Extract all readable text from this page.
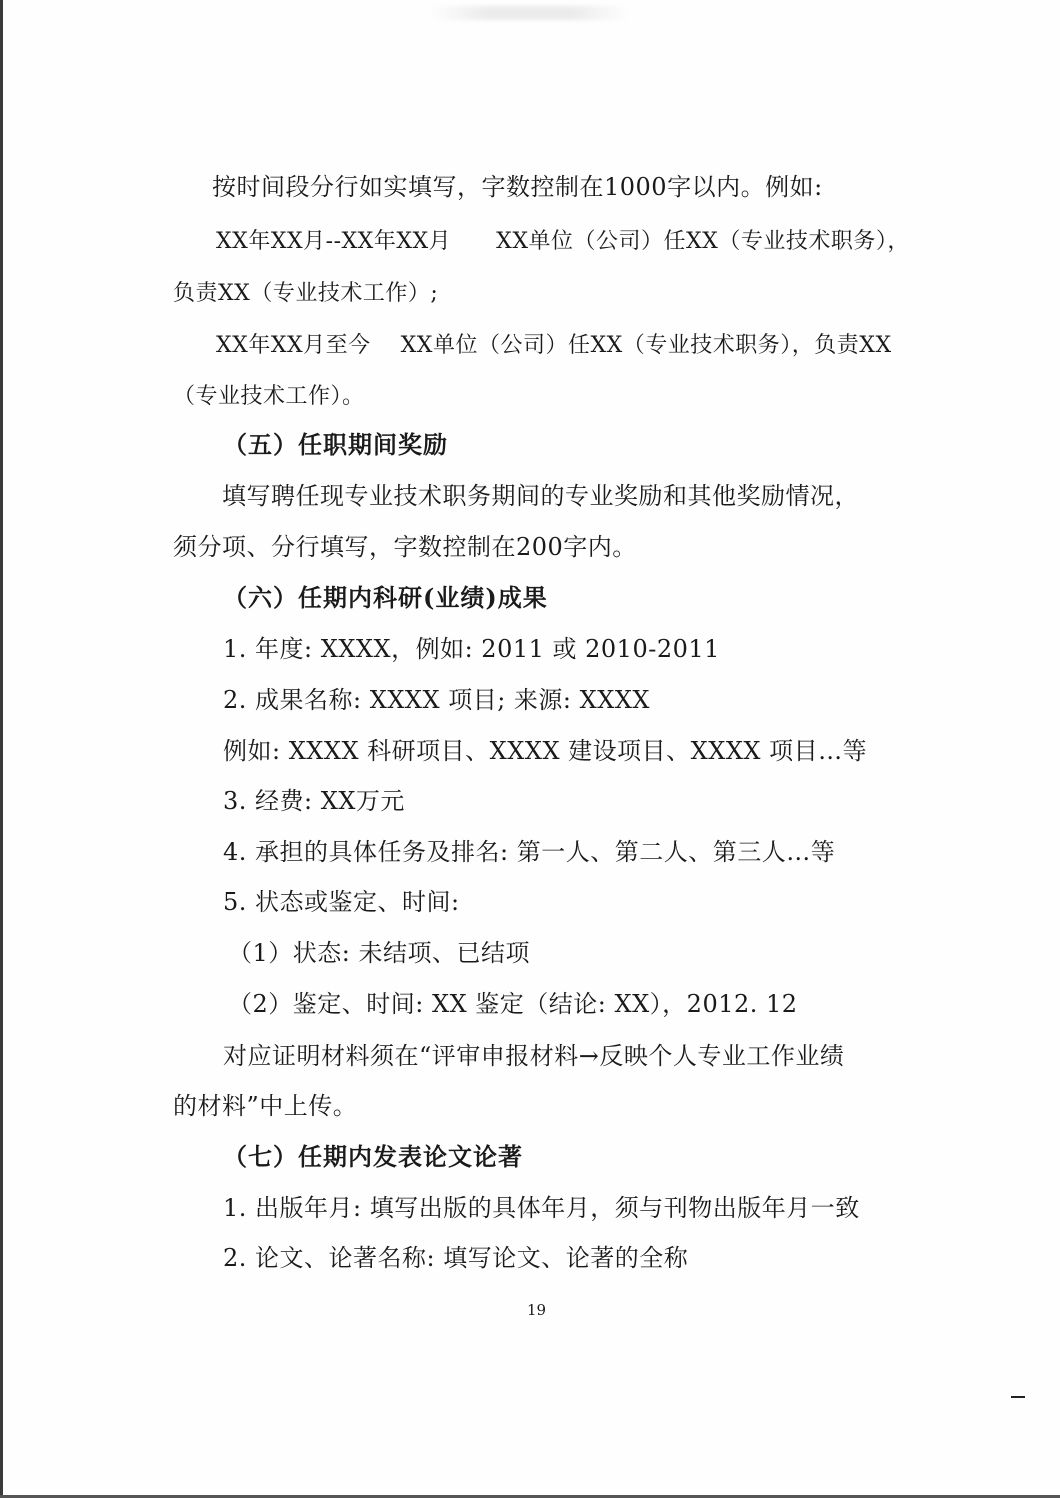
按时间段分行如实填写，字数控制在1000字以内。例如:
XX年XX月--XX年XX月　　XX单位（公司）任XX（专业技术职务），
负责XX（专业技术工作）;
XX年XX月至今　 XX单位（公司）任XX（专业技术职务），负责XX
（专业技术工作）。
（五）任职期间奖励
填写聘任现专业技术职务期间的专业奖励和其他奖励情况，
须分项、分行填写，字数控制在200字内。
（六）任期内科研(业绩)成果
1. 年度: XXXX，例如: 2011 或 2010-2011
2. 成果名称: XXXX 项目; 来源: XXXX
例如: XXXX 科研项目、XXXX 建设项目、XXXX 项目…等
3. 经费: XX万元
4. 承担的具体任务及排名: 第一人、第二人、第三人…等
5. 状态或鉴定、时间:
（1）状态: 未结项、已结项
（2）鉴定、时间: XX 鉴定（结论: XX），2012. 12
对应证明材料须在“评审申报材料→反映个人专业工作业绩
的材料”中上传。
（七）任期内发表论文论著
1. 出版年月: 填写出版的具体年月，须与刊物出版年月一致
2. 论文、论著名称: 填写论文、论著的全称
19
